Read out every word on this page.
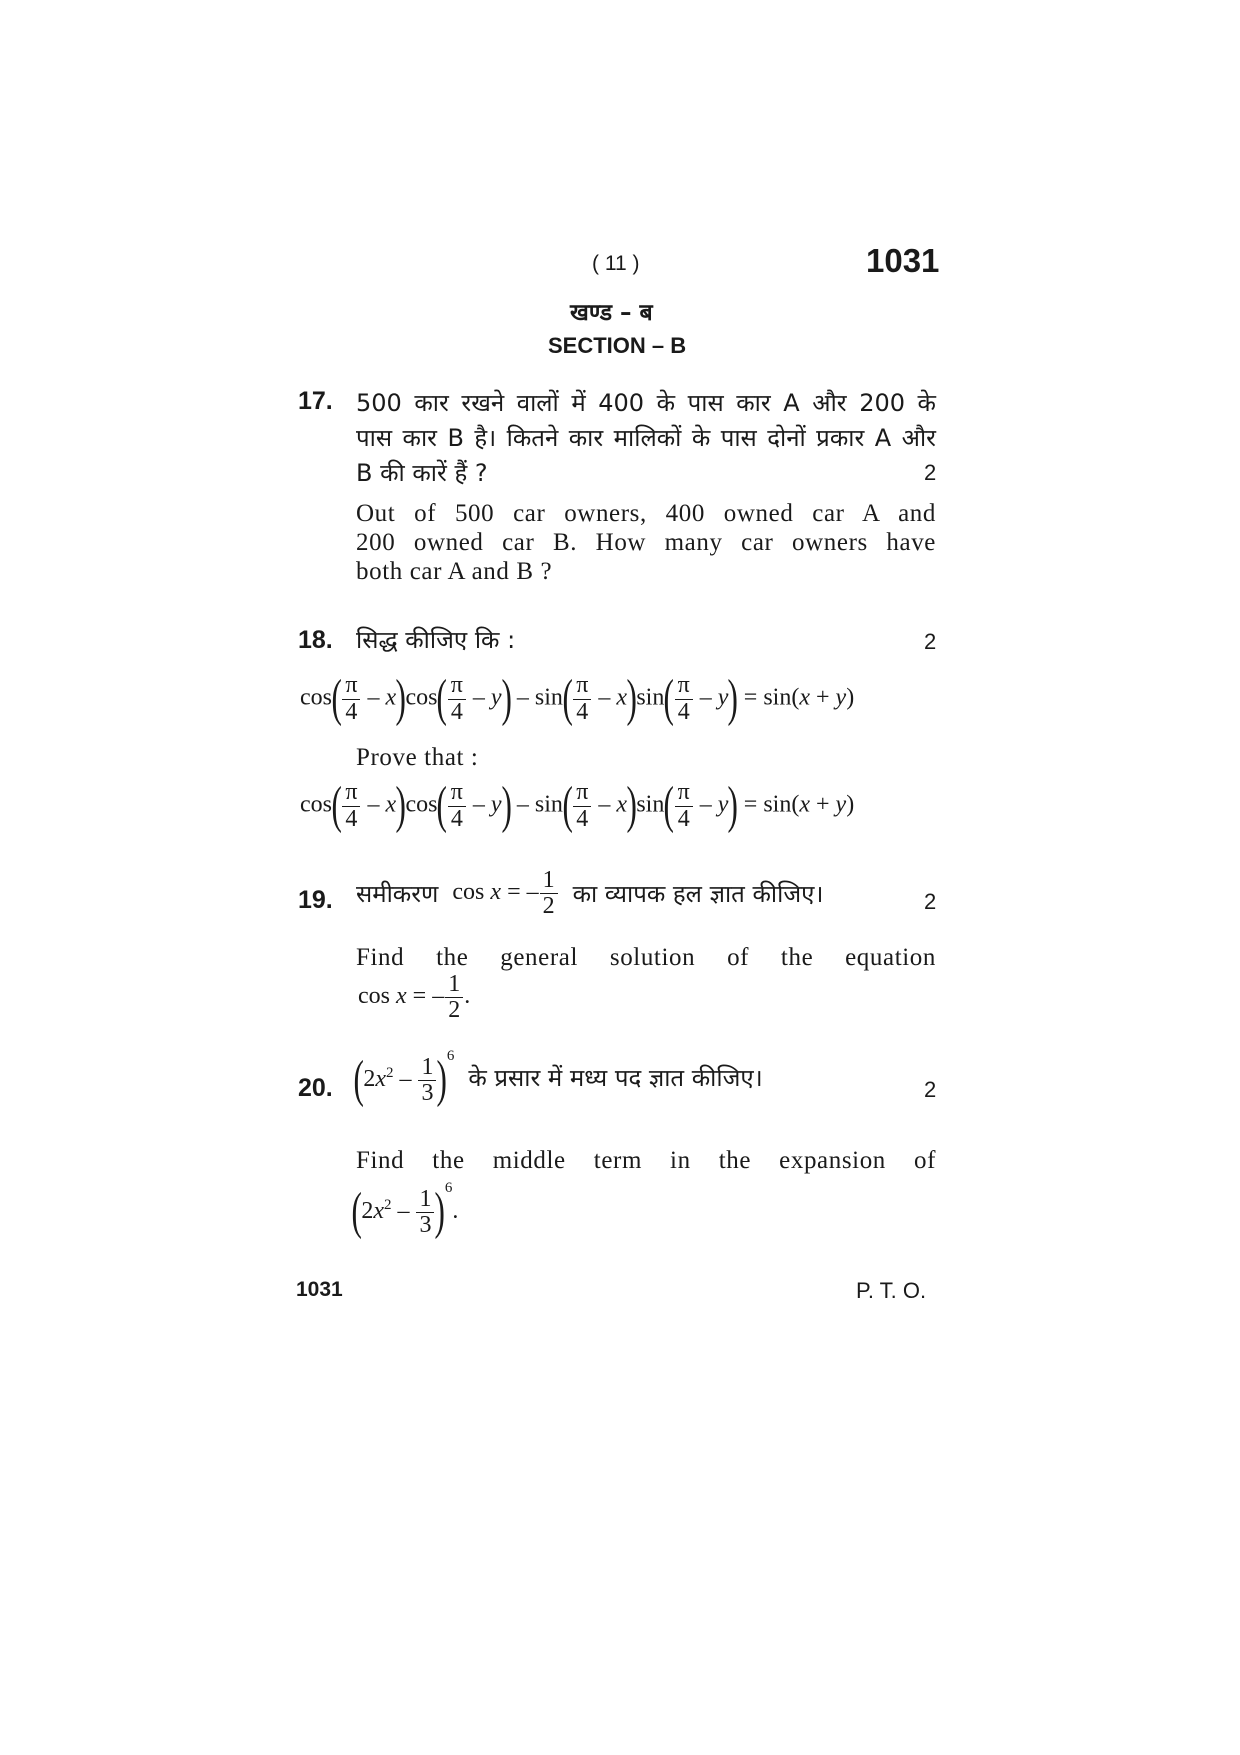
( 11 )	1031
खण्ड – ब
SECTION – B
17. 500 कार रखने वालों में 400 के पास कार A और 200 के
पास कार B है। कितने कार मालिकों के पास दोनों प्रकार A और
B की कारें हैं ?	2
Out of 500 car owners, 400 owned car A and
200 owned car B. How many car owners have
both car A and B ?
18. सिद्ध कीजिए कि :	2
$\cos( \frac{\pi}{4} - x)\cos( \frac{\pi}{4} - y) - \sin( \frac{\pi}{4} - x)\sin( \frac{\pi}{4} - y) = \sin(x + y)$
Prove that :
$\cos( \frac{\pi}{4} - x)\cos( \frac{\pi}{4} - y) - \sin( \frac{\pi}{4} - x)\sin( \frac{\pi}{4} - y) = \sin(x + y)$
19. समीकरण cos x = – $\frac{1}{2}$ का व्यापक हल ज्ञात कीजिए।	2
Find the general solution of the equation
cos x = – $\frac{1}{2}$ .
20. $(2x^2 - \frac{1}{3} )^6$
के प्रसार में मध्य पद ज्ञात कीजिए।	2
Find the middle term in the expansion of
$(2x^2 - \frac{1}{3} )^6$.
1031	P. T. O.
